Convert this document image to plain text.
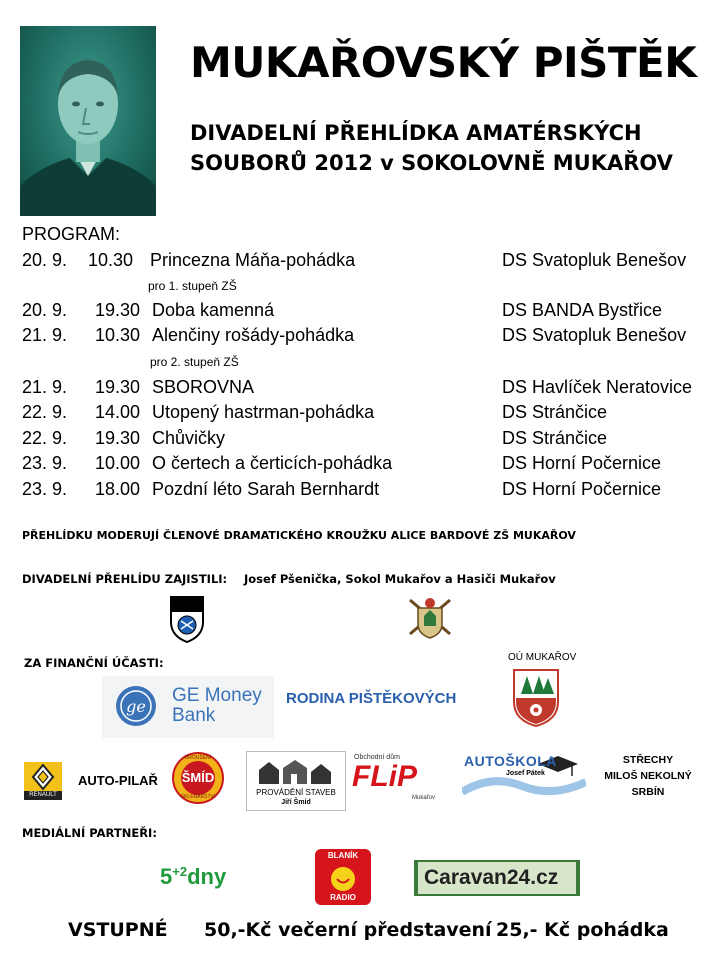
MUKAŘOVSKÝ PIŠTĚK
DIVADELNÍ PŘEHLÍDKA AMATÉRSKÝCH
SOUBORŮ 2012 v SOKOLOVNĚ MUKAŘOV
PROGRAM:
20. 9. 10.30 Princezna Máňa-pohádka	DS Svatopluk Benešov
pro 1. stupeň ZŠ
20. 9. 19.30 Doba kamenná	DS BANDA Bystřice
21. 9. 10.30 Alenčiny rošády-pohádka	DS Svatopluk Benešov
pro 2. stupeň ZŠ
21. 9. 19.30 SBOROVNA	DS Havlíček Neratovice
22. 9. 14.00 Utopený hastrman-pohádka	DS Stránčice
22. 9. 19.30 Chůvičky	DS Stránčice
23. 9. 10.00 O čertech a čerticích-pohádka	DS Horní Počernice
23. 9. 18.00 Pozdní léto Sarah Bernhardt	DS Horní Počernice
PŘEHLÍDKU MODERUJÍ ČLENOVÉ DRAMATICKÉHO KROUŽKU ALICE BARDOVÉ ZŠ MUKAŘOV
DIVADELNÍ PŘEHLÍDU ZAJISTILI: Josef Pšenička, Sokol Mukařov a Hasiči Mukařov
ZA FINANČNÍ ÚČASTI:	OÚ MUKAŘOV
ge
GE Money
Bank
RODINA PIŠTĚKOVÝCH
RENAULT
AUTO-PILAŘ
BROUŠENÍ
ŠMÍD
SKLENÁŘSTVÍ	PROVÁDĚNÍ STAVEB
Jiří Šmíd
Obchodní dům
FLiP
Mukařov
AUTOŠKOLA
Josef Pátek
STŘECHY
MILOŠ NEKOLNÝ
SRBÍN
MEDIÁLNÍ PARTNEŘI:
$5^{+2}dny$
BLANÍK
RADIO
Caravan24.cz
VSTUPNÉ 50,-Kč večerní představení 25,- Kč pohádka
